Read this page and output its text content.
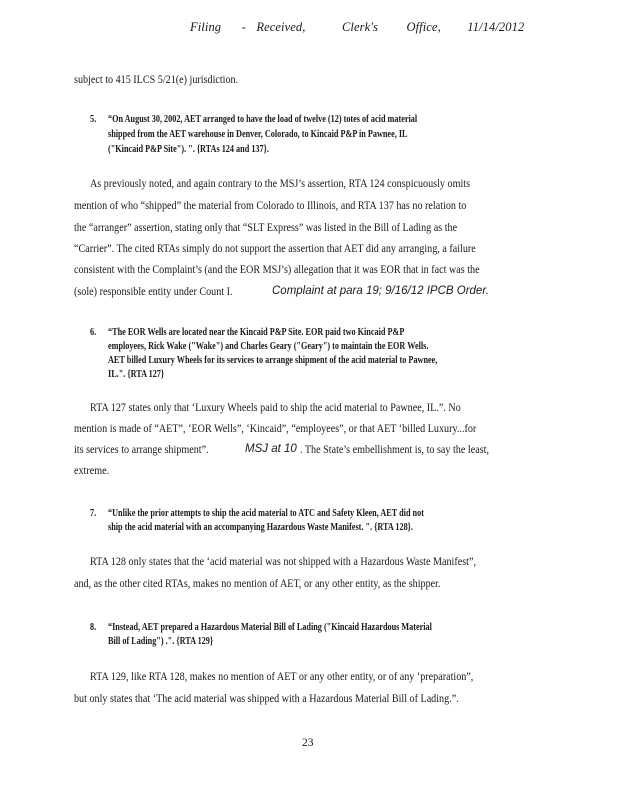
Filing - Received,	Clerk's Office, 11/14/2012
subject to 415 ILCS 5/21(e) jurisdiction.
5. “On August 30, 2002, AET arranged to have the load of twelve (12) totes of acid material
shipped from the AET warehouse in Denver, Colorado, to Kincaid P&P in Pawnee, IL
("Kincaid P&P Site"). ". {RTAs 124 and 137}.
As previously noted, and again contrary to the MSJ’s assertion, RTA 124 conspicuously omits
mention of who “shipped” the material from Colorado to Illinois, and RTA 137 has no relation to
the “arranger” assertion, stating only that “SLT Express” was listed in the Bill of Lading as the
“Carrier”. The cited RTAs simply do not support the assertion that AET did any arranging, a failure
consistent with the Complaint’s (and the EOR MSJ’s) allegation that it was EOR that in fact was the
(sole) responsible entity under Count I.	Complaint at para 19; 9/16/12 IPCB Order.
6. “The EOR Wells are located near the Kincaid P&P Site. EOR paid two Kincaid P&P
employees, Rick Wake ("Wake") and Charles Geary ("Geary") to maintain the EOR Wells.
AET billed Luxury Wheels for its services to arrange shipment of the acid material to Pawnee,
IL.". {RTA 127}
RTA 127 states only that ‘Luxury Wheels paid to ship the acid material to Pawnee, IL.”. No
mention is made of “AET”, ‘EOR Wells”, ‘Kincaid”, “employees”, or that AET ‘billed Luxury...for
its services to arrange shipment”.	MSJ at 10 . The State’s embellishment is, to say the least,
extreme.
7. “Unlike the prior attempts to ship the acid material to ATC and Safety Kleen, AET did not
ship the acid material with an accompanying Hazardous Waste Manifest. ". {RTA 128}.
RTA 128 only states that the ‘acid material was not shipped with a Hazardous Waste Manifest”,
and, as the other cited RTAs, makes no mention of AET, or any other entity, as the shipper.
8. “Instead, AET prepared a Hazardous Material Bill of Lading ("Kincaid Hazardous Material
Bill of Lading") .". {RTA 129}
RTA 129, like RTA 128, makes no mention of AET or any other entity, or of any ‘preparation”,
but only states that ‘The acid material was shipped with a Hazardous Material Bill of Lading.”.
23
